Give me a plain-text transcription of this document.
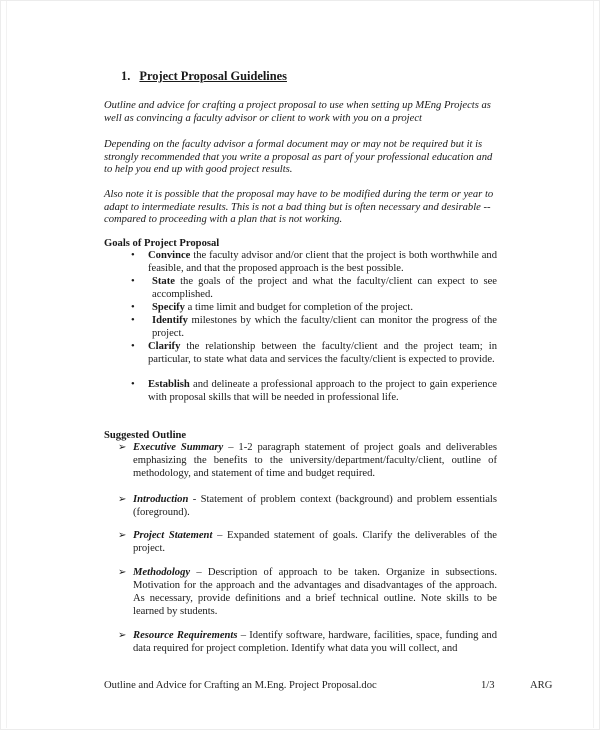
1. Project Proposal Guidelines
Outline and advice for crafting a project proposal to use when setting up MEng Projects as well as convincing a faculty advisor or client to work with you on a project
Depending on the faculty advisor a formal document may or may not be required but it is strongly recommended that you write a proposal as part of your professional education and to help you end up with good project results.
Also note it is possible that the proposal may have to be modified during the term or year to adapt to intermediate results. This is not a bad thing but is often necessary and desirable -- compared to proceeding with a plan that is not working.
Goals of Project Proposal
• Convince the faculty advisor and/or client that the project is both worthwhile and feasible, and that the proposed approach is the best possible.
• State the goals of the project and what the faculty/client can expect to see accomplished.
• Specify a time limit and budget for completion of the project.
• Identify milestones by which the faculty/client can monitor the progress of the project.
• Clarify the relationship between the faculty/client and the project team; in particular, to state what data and services the faculty/client is expected to provide.
• Establish and delineate a professional approach to the project to gain experience with proposal skills that will be needed in professional life.
Suggested Outline
➢ Executive Summary – 1-2 paragraph statement of project goals and deliverables emphasizing the benefits to the university/department/faculty/client, outline of methodology, and statement of time and budget required.
➢ Introduction - Statement of problem context (background) and problem essentials (foreground).
➢ Project Statement – Expanded statement of goals. Clarify the deliverables of the project.
➢ Methodology – Description of approach to be taken. Organize in subsections. Motivation for the approach and the advantages and disadvantages of the approach. As necessary, provide definitions and a brief technical outline. Note skills to be learned by students.
➢ Resource Requirements – Identify software, hardware, facilities, space, funding and data required for project completion. Identify what data you will collect, and
Outline and Advice for Crafting an M.Eng. Project Proposal.doc	1/3	ARG
